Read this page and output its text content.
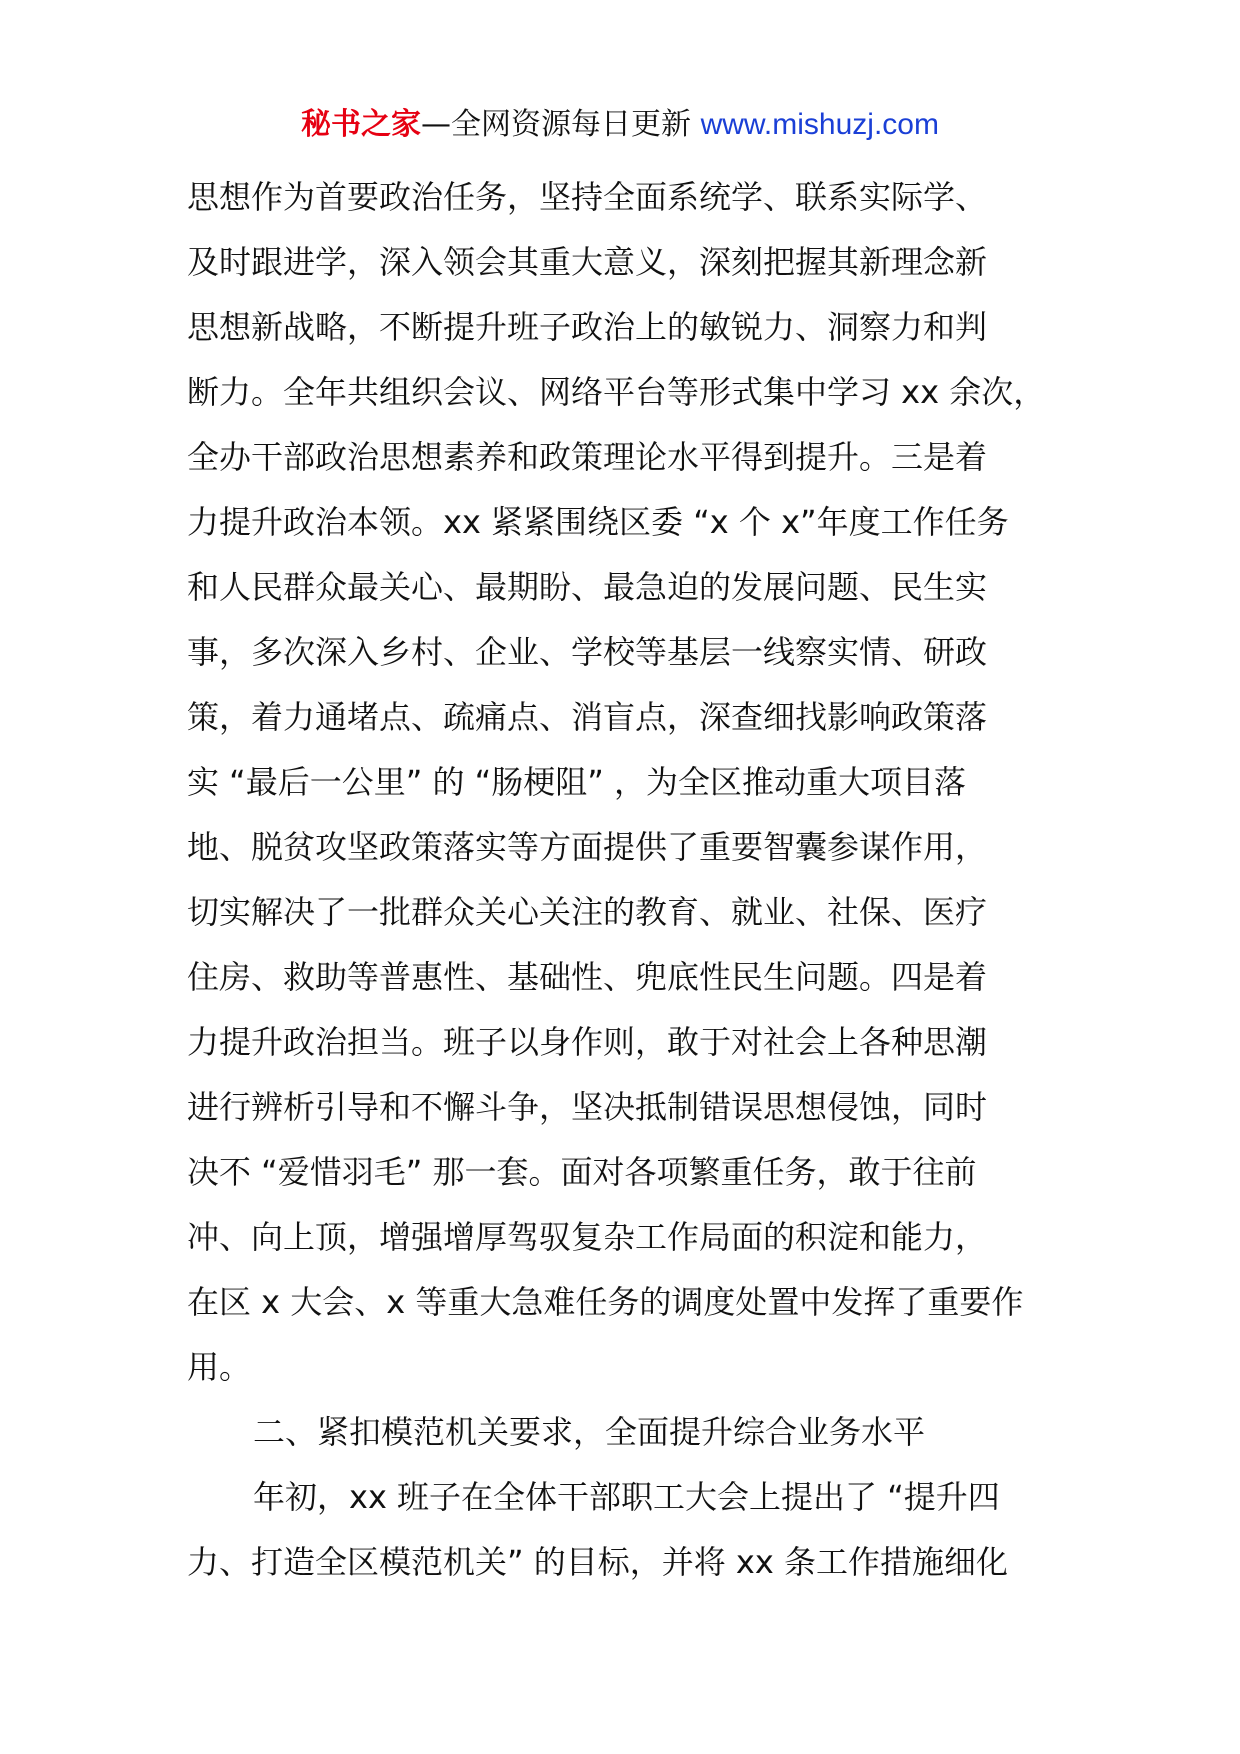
秘书之家—全网资源每日更新 www.mishuzj.com
思想作为首要政治任务，坚持全面系统学、联系实际学、
及时跟进学，深入领会其重大意义，深刻把握其新理念新
思想新战略，不断提升班子政治上的敏锐力、洞察力和判
断力。全年共组织会议、网络平台等形式集中学习 xx 余次，
全办干部政治思想素养和政策理论水平得到提升。三是着
力提升政治本领。xx 紧紧围绕区委 “x 个 x”年度工作任务
和人民群众最关心、最期盼、最急迫的发展问题、民生实
事，多次深入乡村、企业、学校等基层一线察实情、研政
策，着力通堵点、疏痛点、消盲点，深查细找影响政策落
实 “最后一公里” 的 “肠梗阻” ，为全区推动重大项目落
地、脱贫攻坚政策落实等方面提供了重要智囊参谋作用，
切实解决了一批群众关心关注的教育、就业、社保、医疗
住房、救助等普惠性、基础性、兜底性民生问题。四是着
力提升政治担当。班子以身作则，敢于对社会上各种思潮
进行辨析引导和不懈斗争，坚决抵制错误思想侵蚀，同时
决不 “爱惜羽毛” 那一套。面对各项繁重任务，敢于往前
冲、向上顶，增强增厚驾驭复杂工作局面的积淀和能力，
在区 x 大会、x 等重大急难任务的调度处置中发挥了重要作
用。
二、紧扣模范机关要求，全面提升综合业务水平
年初，xx 班子在全体干部职工大会上提出了 “提升四
力、打造全区模范机关” 的目标，并将 xx 条工作措施细化
